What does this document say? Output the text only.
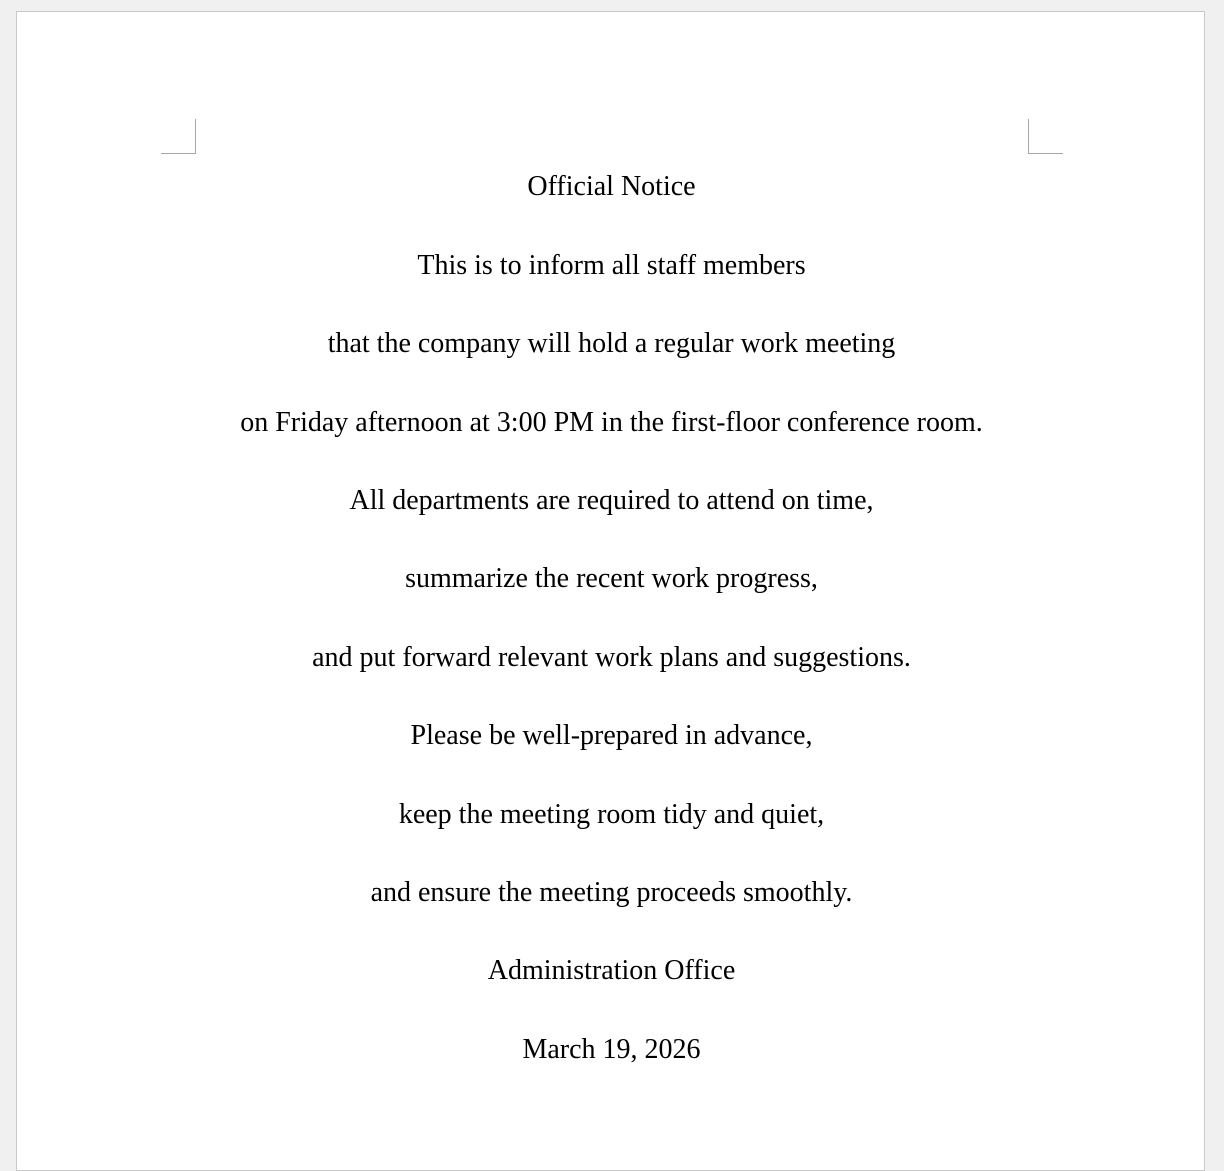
Official Notice
This is to inform all staff members
that the company will hold a regular work meeting
on Friday afternoon at 3:00 PM in the first-floor conference room.
All departments are required to attend on time,
summarize the recent work progress,
and put forward relevant work plans and suggestions.
Please be well-prepared in advance,
keep the meeting room tidy and quiet,
and ensure the meeting proceeds smoothly.
Administration Office
March 19, 2026
